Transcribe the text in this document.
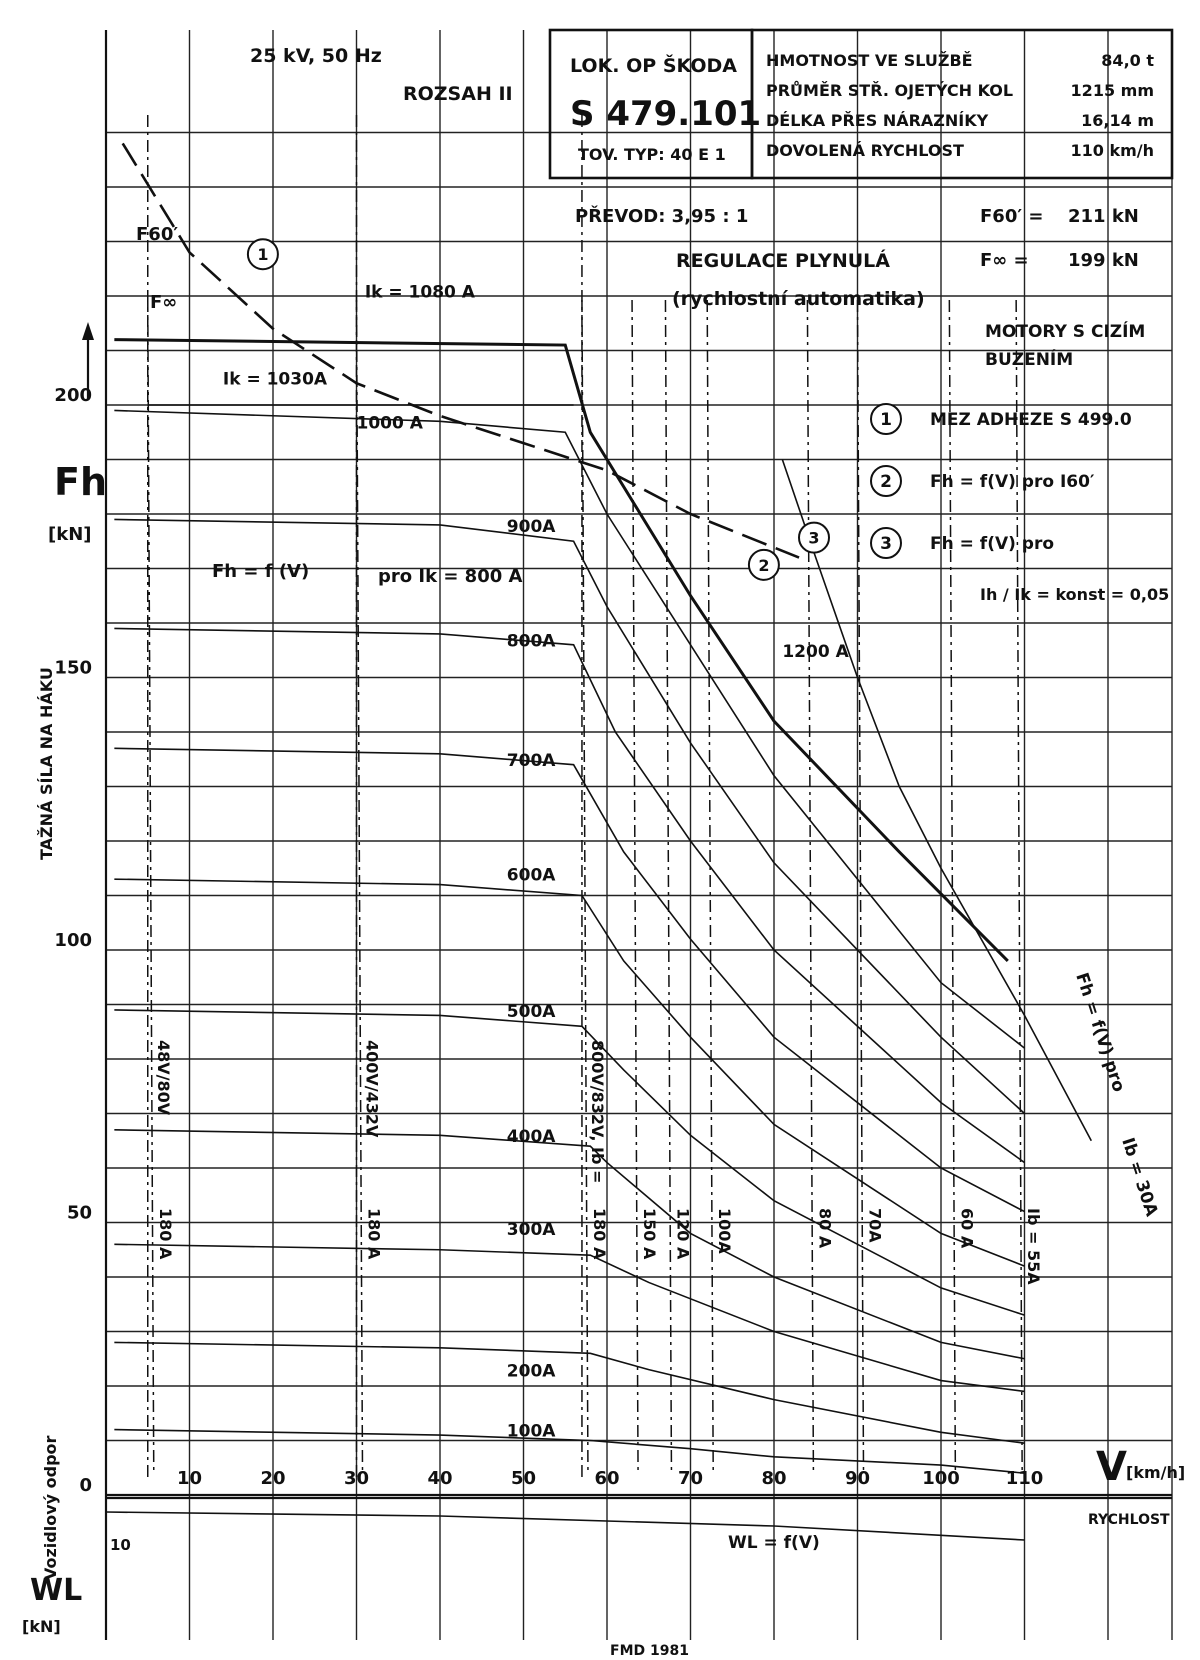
0
50
100
150
200
10	20	30	40	50	60	70	80	90	100	110
100A
200A
300A
400A
500A
600A
700A
800A
900A
1000 A
Ik = 1030A
Ik = 1080 A
1200 A
48V/80V	400V/432V	800V/832V, Ib =
180 A	180 A	180 A 150 A 120 A 100A	80 A 70A	60 A	Ib = 55A
25 kV, 50 Hz
ROZSAH II
LOK. OP ŠKODA
S 479.101
TOV. TYP: 40 E 1
HMOTNOST VE SLUŽBĚ	84,0 t
PRŮMĚR STŘ. OJETÝCH KOL	1215 mm
DÉLKA PŘES NÁRAZNÍKY	16,14 m
DOVOLENÁ RYCHLOST	110 km/h
PŘEVOD: 3,95 : 1	F60′ = 211 kN
F∞ = 199 kN
REGULACE PLYNULÁ
(rychlostní automatika)
MOTORY S CIZÍM
BUZENÍM
1 MEZ ADHEZE S 499.0
2 Fh = f(V) pro I60′
3 Fh = f(V) pro
1
3
2
Ih / Ik = konst = 0,05
F60′
F∞
Fh = f (V)	pro Ik = 800 A
Fh = f(V) pro
Ib = 30A
Fh
[kN]
TAŽNÁ SÍLA NA HÁKU
V [km/h]
10	WL = f(V)
RYCHLOST
Vozidlový odpor
WL
[kN]
FMD 1981
